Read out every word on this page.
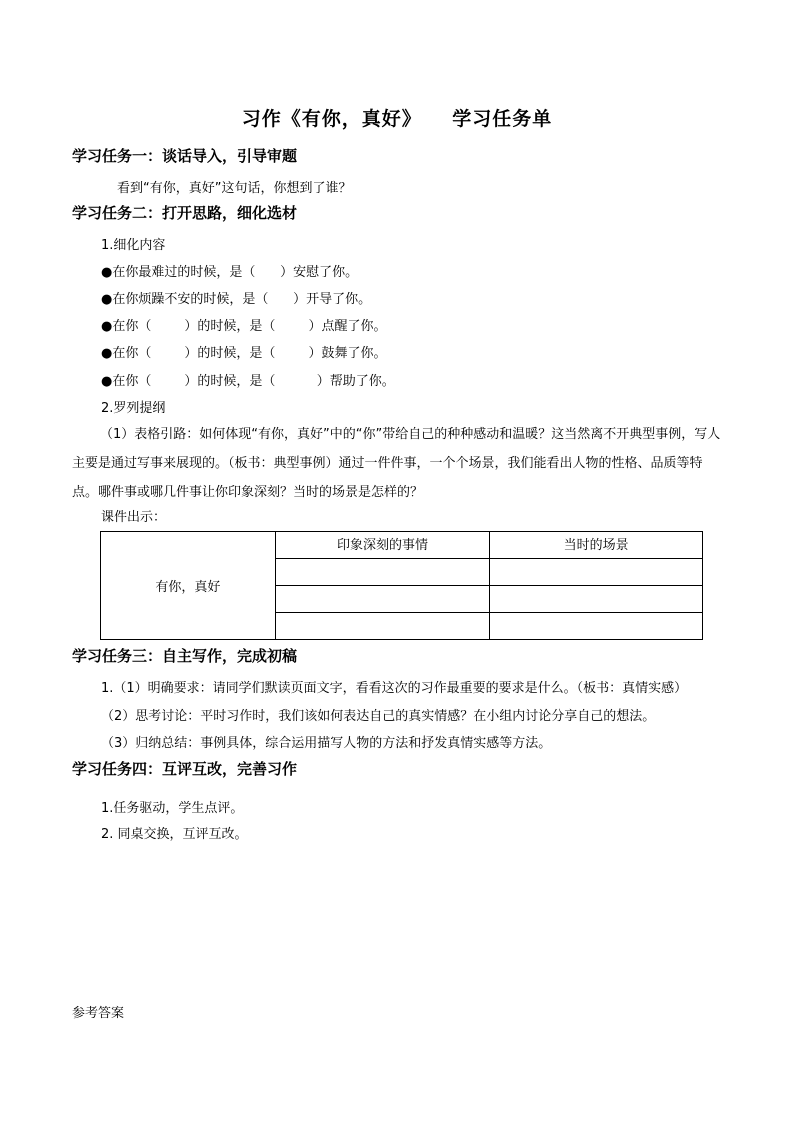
习作《有你，真好》    学习任务单
学习任务一：谈话导入，引导审题
看到“有你，真好”这句话，你想到了谁？
学习任务二：打开思路，细化选材
1.细化内容
●在你最难过的时候，是（      ）安慰了你。
●在你烦躁不安的时候，是（      ）开导了你。
●在你（        ）的时候，是（        ）点醒了你。
●在你（        ）的时候，是（        ）鼓舞了你。
●在你（        ）的时候，是（          ）帮助了你。
2.罗列提纲
（1）表格引路：如何体现“有你，真好”中的“你”带给自己的种种感动和温暖？这当然离不开典型事例，写人主要是通过写事来展现的。（板书：典型事例）通过一件件事，一个个场景，我们能看出人物的性格、品质等特点。哪件事或哪几件事让你印象深刻？当时的场景是怎样的？
课件出示：
有你，真好	印象深刻的事情	当时的场景

学习任务三：自主写作，完成初稿
1.（1）明确要求：请同学们默读页面文字，看看这次的习作最重要的要求是什么。（板书：真情实感）
（2）思考讨论：平时习作时，我们该如何表达自己的真实情感？在小组内讨论分享自己的想法。
（3）归纳总结：事例具体，综合运用描写人物的方法和抒发真情实感等方法。
学习任务四：互评互改，完善习作
1.任务驱动，学生点评。
2. 同桌交换，互评互改。
参考答案
